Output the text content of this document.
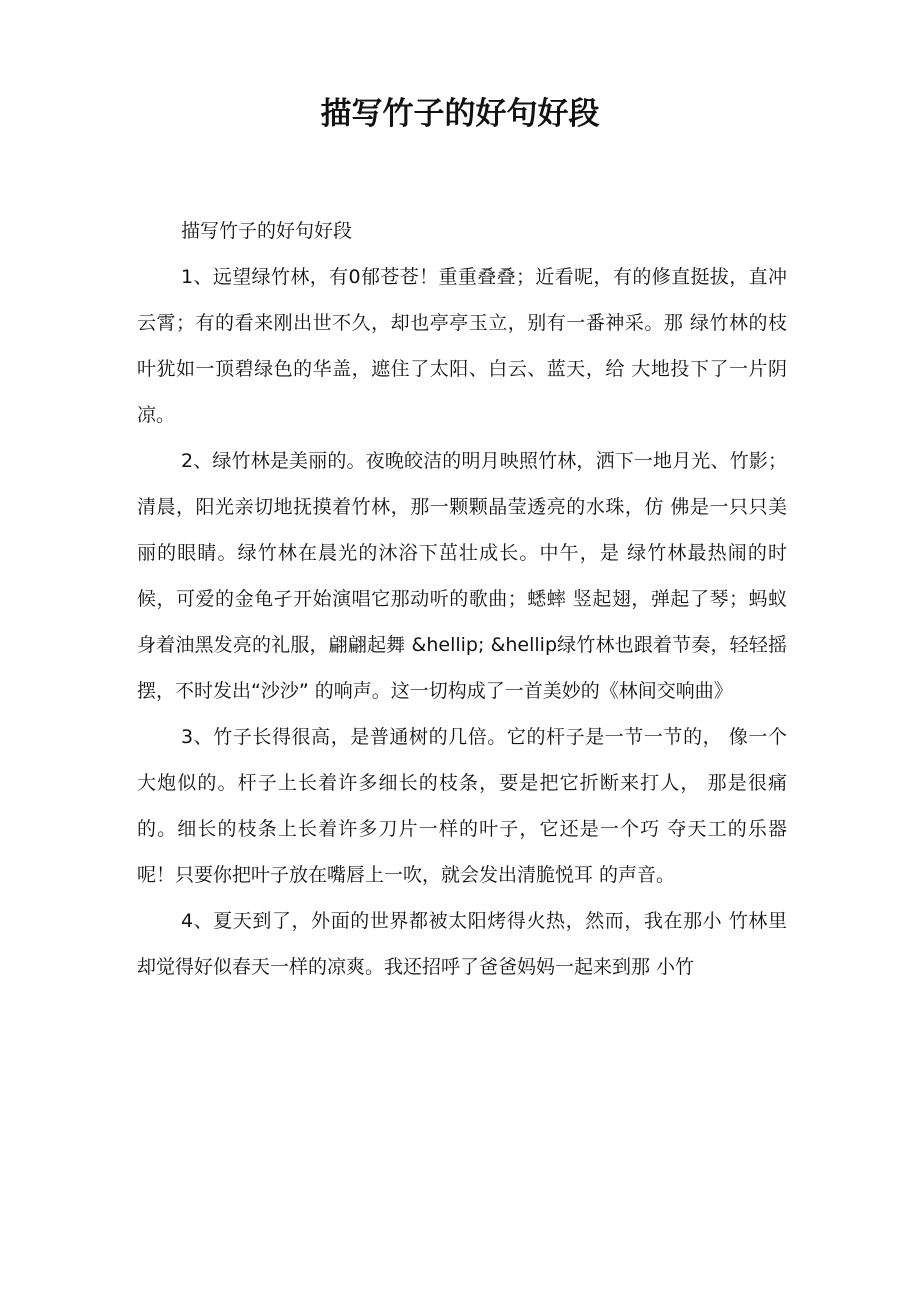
描写竹子的好句好段

描写竹子的好句好段

1、远望绿竹林，有0郁苍苍！重重叠叠；近看呢，有的修直挺拔，直冲云霄；有的看来刚出世不久，却也亭亭玉立，别有一番神采。那 绿竹林的枝叶犹如一顶碧绿色的华盖，遮住了太阳、白云、蓝天，给 大地投下了一片阴凉。

2、绿竹林是美丽的。夜晚皎洁的明月映照竹林，洒下一地月光、竹影；清晨，阳光亲切地抚摸着竹林，那一颗颗晶莹透亮的水珠，仿 佛是一只只美丽的眼睛。绿竹林在晨光的沐浴下茁壮成长。中午，是 绿竹林最热闹的时候，可爱的金龟孑开始演唱它那动听的歌曲；蟋蟀 竖起翅，弹起了琴；蚂蚁身着油黑发亮的礼服，翩翩起舞 &hellip; &hellip绿竹林也跟着节奏，轻轻摇摆，不时发出“沙沙” 的响声。这一切构成了一首美妙的《林间交响曲》

3、竹子长得很高，是普通树的几倍。它的杆子是一节一节的， 像一个大炮似的。杆子上长着许多细长的枝条，要是把它折断来打人， 那是很痛的。细长的枝条上长着许多刀片一样的叶子，它还是一个巧 夺天工的乐器呢！只要你把叶子放在嘴唇上一吹，就会发出清脆悦耳 的声音。

4、夏天到了，外面的世界都被太阳烤得火热，然而，我在那小 竹林里却觉得好似春天一样的凉爽。我还招呼了爸爸妈妈一起来到那 小竹
